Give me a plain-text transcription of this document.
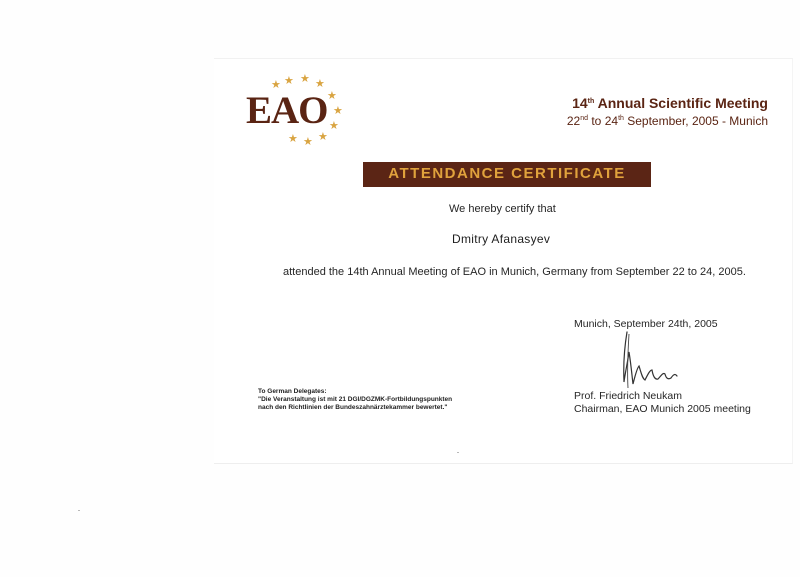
★ ★ ★
★
★
★
★
★
★
★
EAO	14th Annual Scientific Meeting
22nd to 24th September, 2005 - Munich
ATTENDANCE CERTIFICATE
We hereby certify that
Dmitry Afanasyev
attended the 14th Annual Meeting of EAO in Munich, Germany from September 22 to 24, 2005.
To German Delegates:
"Die Veranstaltung ist mit 21 DGI/DGZMK-Fortbildungspunkten
nach den Richtlinien der Bundeszahnärztekammer bewertet."
Munich, September 24th, 2005
Prof. Friedrich Neukam
Chairman, EAO Munich 2005 meeting
